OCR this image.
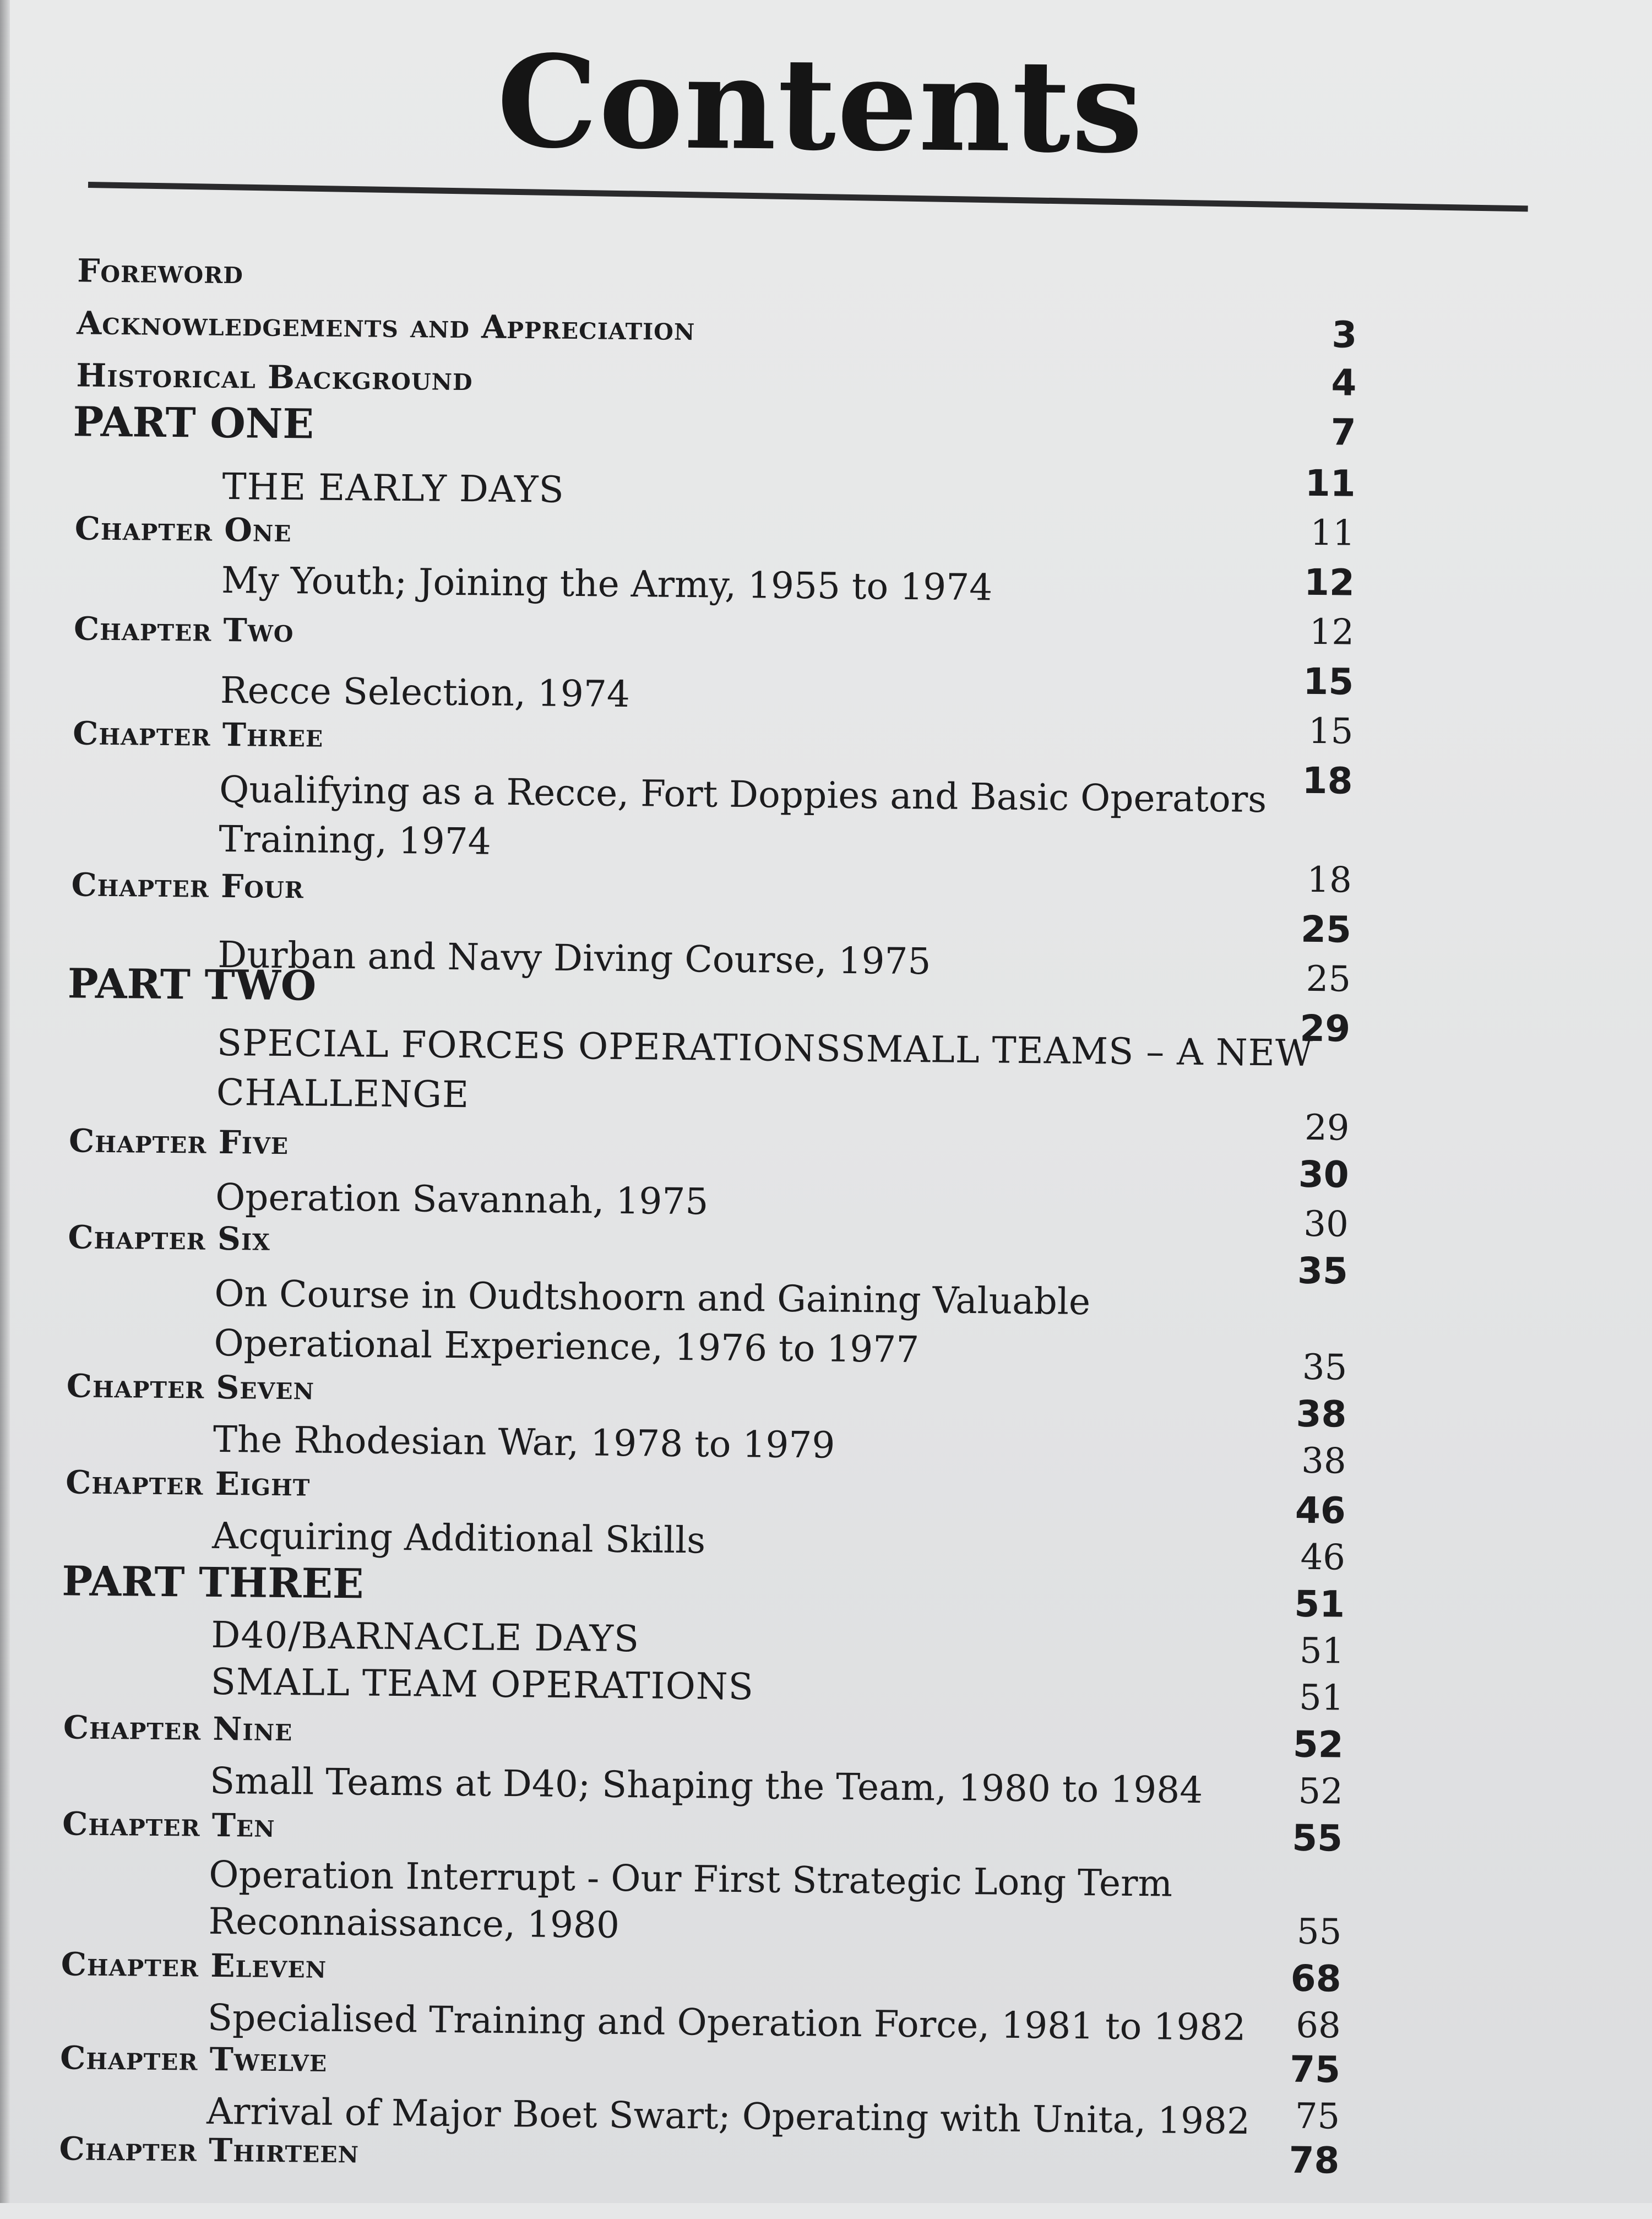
Contents
Foreword
Acknowledgements and Appreciation
Historical Background
PART ONE
THE EARLY DAYS
Chapter One
My Youth; Joining the Army, 1955 to 1974
Chapter Two
Recce Selection, 1974
Chapter Three
Qualifying as a Recce, Fort Doppies and Basic Operators
Training, 1974
Chapter Four
Durban and Navy Diving Course, 1975
PART TWO
SPECIAL FORCES OPERATIONSSMALL TEAMS – A NEW
CHALLENGE
Chapter Five
Operation Savannah, 1975
Chapter Six
On Course in Oudtshoorn and Gaining Valuable
Operational Experience, 1976 to 1977
Chapter Seven
The Rhodesian War, 1978 to 1979
Chapter Eight
Acquiring Additional Skills
PART THREE
D40/BARNACLE DAYS
SMALL TEAM OPERATIONS
Chapter Nine
Small Teams at D40; Shaping the Team, 1980 to 1984
Chapter Ten
Operation Interrupt - Our First Strategic Long Term
Reconnaissance, 1980
Chapter Eleven
Specialised Training and Operation Force, 1981 to 1982
Chapter Twelve
Arrival of Major Boet Swart; Operating with Unita, 1982
Chapter Thirteen
3
4
7
11
11
12
12
15
15
18
18
25
25
29
29
30
30
35
35
38
38
46
46
51
51
51
52
52
55
55
68
68
75
75
78
